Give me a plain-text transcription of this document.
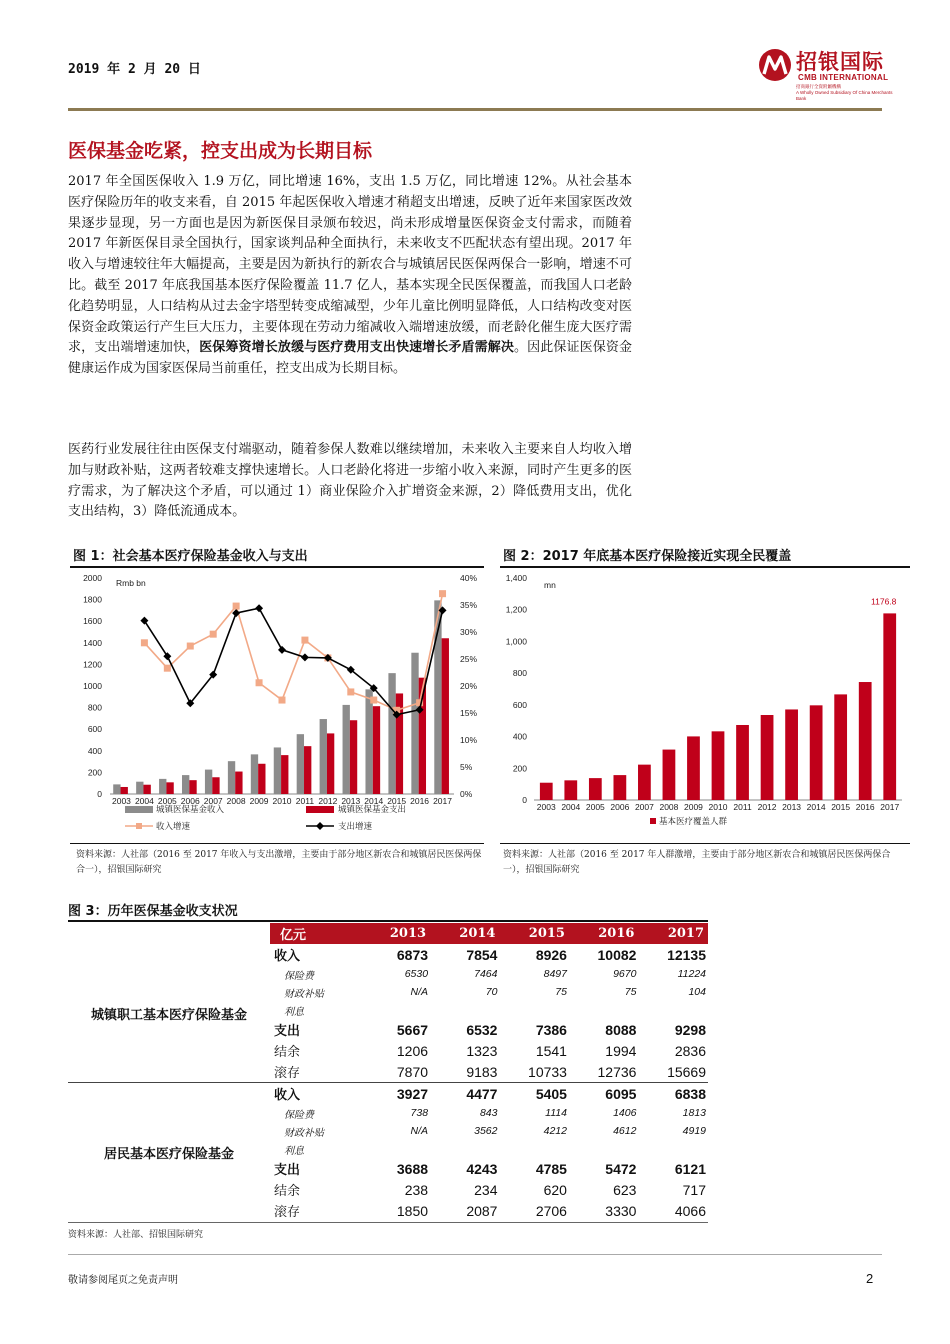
2019 年 2 月 20 日	招银国际
CMB INTERNATIONAL
招商銀行全資附屬機構
A Wholly Owned Subsidiary Of China Merchants Bank
医保基金吃紧，控支出成为长期目标
2017 年全国医保收入 1.9 万亿，同比增速 16%，支出 1.5 万亿，同比增速 12%。从社会基本医疗保险历年的收支来看，自 2015 年起医保收入增速才稍超支出增速，反映了近年来国家医改效果逐步显现，另一方面也是因为新医保目录颁布较迟，尚未形成增量医保资金支付需求，而随着 2017 年新医保目录全国执行，国家谈判品种全面执行，未来收支不匹配状态有望出现。2017 年收入与增速较往年大幅提高，主要是因为新执行的新农合与城镇居民医保两保合一影响，增速不可比。截至 2017 年底我国基本医疗保险覆盖 11.7 亿人，基本实现全民医保覆盖，而我国人口老龄化趋势明显，人口结构从过去金字塔型转变成缩减型，少年儿童比例明显降低，人口结构改变对医保资金政策运行产生巨大压力，主要体现在劳动力缩减收入端增速放缓，而老龄化催生庞大医疗需求，支出端增速加快，医保筹资增长放缓与医疗费用支出快速增长矛盾需解决。因此保证医保资金健康运作成为国家医保局当前重任，控支出成为长期目标。
医药行业发展往往由医保支付端驱动，随着参保人数难以继续增加，未来收入主要来自人均收入增加与财政补贴，这两者较难支撑快速增长。人口老龄化将进一步缩小收入来源，同时产生更多的医疗需求，为了解决这个矛盾，可以通过 1）商业保险介入扩增资金来源，2）降低费用支出，优化支出结构，3）降低流通成本。
图 1：社会基本医疗保险基金收入与支出	图 2：2017 年底基本医疗保险接近实现全民覆盖
0
200
400
600
800
1000
1200
1400
1600
1800
2000
0%
5%
10%
15%
20%
25%
30%
35%
40%
Rmb bn
2003 2004 2005 2006 2007 2008 2009 2010 2011 2012 2013 2014 2015 2016 2017
城镇医保基金收入	城镇医保基金支出
收入增速	支出增速
0
200
400
600
800
1,000
1,200
1,400
mn
2003 2004 2005 2006 2007 2008 2009 2010 2011 2012 2013 2014 2015 2016 2017
1176.8
基本医疗覆盖人群
资料来源：人社部（2016 至 2017 年收入与支出激增，主要由于部分地区新农合和城镇居民医保两保合一），招银国际研究
资料来源：人社部（2016 至 2017 年人群激增，主要由于部分地区新农合和城镇居民医保两保合一），招银国际研究
图 3：历年医保基金收支状况
	亿元	2013	2014	2015	2016	2017
城镇职工基本医疗保险基金	收入	6873	7854	8926	10082	12135
	保险费	6530	7464	8497	9670	11224
	财政补贴	N/A	70	75	75	104
	利息					
	支出	5667	6532	7386	8088	9298
	结余	1206	1323	1541	1994	2836
	滚存	7870	9183	10733	12736	15669
居民基本医疗保险基金	收入	3927	4477	5405	6095	6838
	保险费	738	843	1114	1406	1813
	财政补贴	N/A	3562	4212	4612	4919
	利息					
	支出	3688	4243	4785	5472	6121
	结余	238	234	620	623	717
	滚存	1850	2087	2706	3330	4066
资料来源：人社部、招银国际研究
敬请参阅尾页之免责声明	2
